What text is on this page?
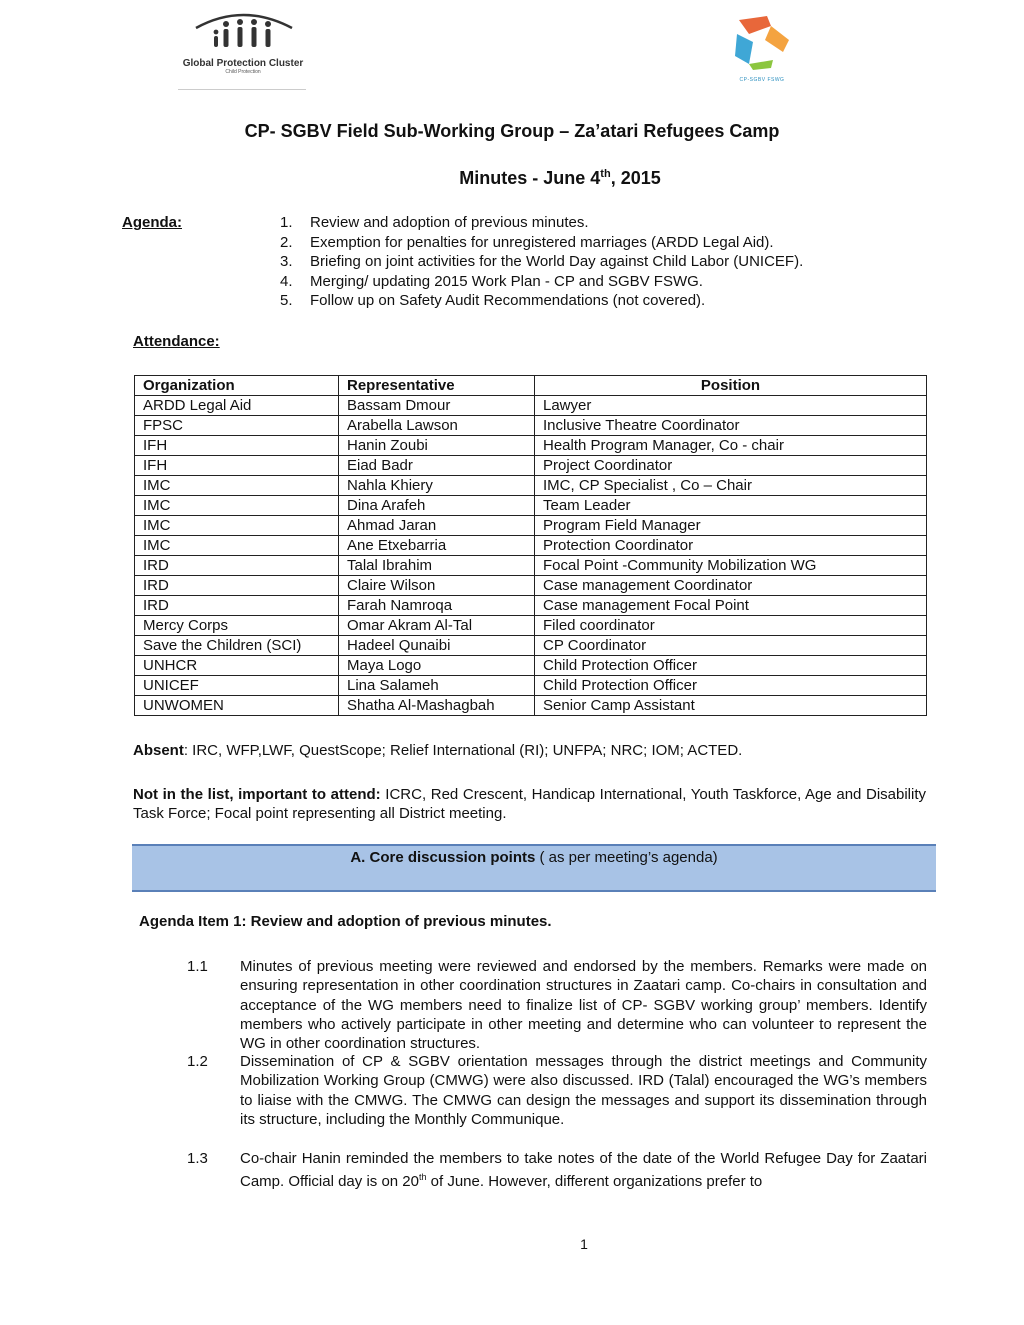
Global Protection Cluster
Child Protection
CP-SGBV FSWG
CP- SGBV Field Sub-Working Group – Za’atari Refugees Camp
Minutes - June 4th, 2015
Agenda:	1. Review and adoption of previous minutes.
2. Exemption for penalties for unregistered marriages (ARDD Legal Aid).
3. Briefing on joint activities for the World Day against Child Labor (UNICEF).
4. Merging/ updating 2015 Work Plan - CP and SGBV FSWG.
5. Follow up on Safety Audit Recommendations (not covered).
Attendance:
Organization	Representative	Position
ARDD Legal Aid	Bassam Dmour	Lawyer
FPSC	Arabella Lawson	Inclusive Theatre Coordinator
IFH	Hanin Zoubi	Health Program Manager, Co - chair
IFH	Eiad Badr	Project Coordinator
IMC	Nahla Khiery	IMC, CP Specialist , Co – Chair
IMC	Dina Arafeh	Team Leader
IMC	Ahmad Jaran	Program Field Manager
IMC	Ane Etxebarria	Protection Coordinator
IRD	Talal Ibrahim	Focal Point -Community Mobilization WG
IRD	Claire Wilson	Case management Coordinator
IRD	Farah Namroqa	Case management Focal Point
Mercy Corps	Omar Akram Al-Tal	Filed coordinator
Save the Children (SCI)	Hadeel Qunaibi	CP Coordinator
UNHCR	Maya Logo	Child Protection Officer
UNICEF	Lina Salameh	Child Protection Officer
UNWOMEN	Shatha Al-Mashagbah	Senior Camp Assistant
Absent: IRC, WFP,LWF, QuestScope; Relief International (RI); UNFPA; NRC; IOM; ACTED.
Not in the list, important to attend: ICRC, Red Crescent, Handicap International, Youth Taskforce, Age and Disability Task Force; Focal point representing all District meeting.
A. Core discussion points ( as per meeting’s agenda)
Agenda Item 1: Review and adoption of previous minutes.
1.1	Minutes of previous meeting were reviewed and endorsed by the members. Remarks were made on ensuring representation in other coordination structures in Zaatari camp. Co-chairs in consultation and acceptance of the WG members need to finalize list of CP- SGBV working group’ members. Identify members who actively participate in other meeting and determine who can volunteer to represent the WG in other coordination structures.
1.2	Dissemination of CP & SGBV orientation messages through the district meetings and Community Mobilization Working Group (CMWG) were also discussed. IRD (Talal) encouraged the WG’s members to liaise with the CMWG. The CMWG can design the messages and support its dissemination through its structure, including the Monthly Communique.
1.3	Co-chair Hanin reminded the members to take notes of the date of the World Refugee Day for Zaatari Camp. Official day is on 20th of June. However, different organizations prefer to
1
